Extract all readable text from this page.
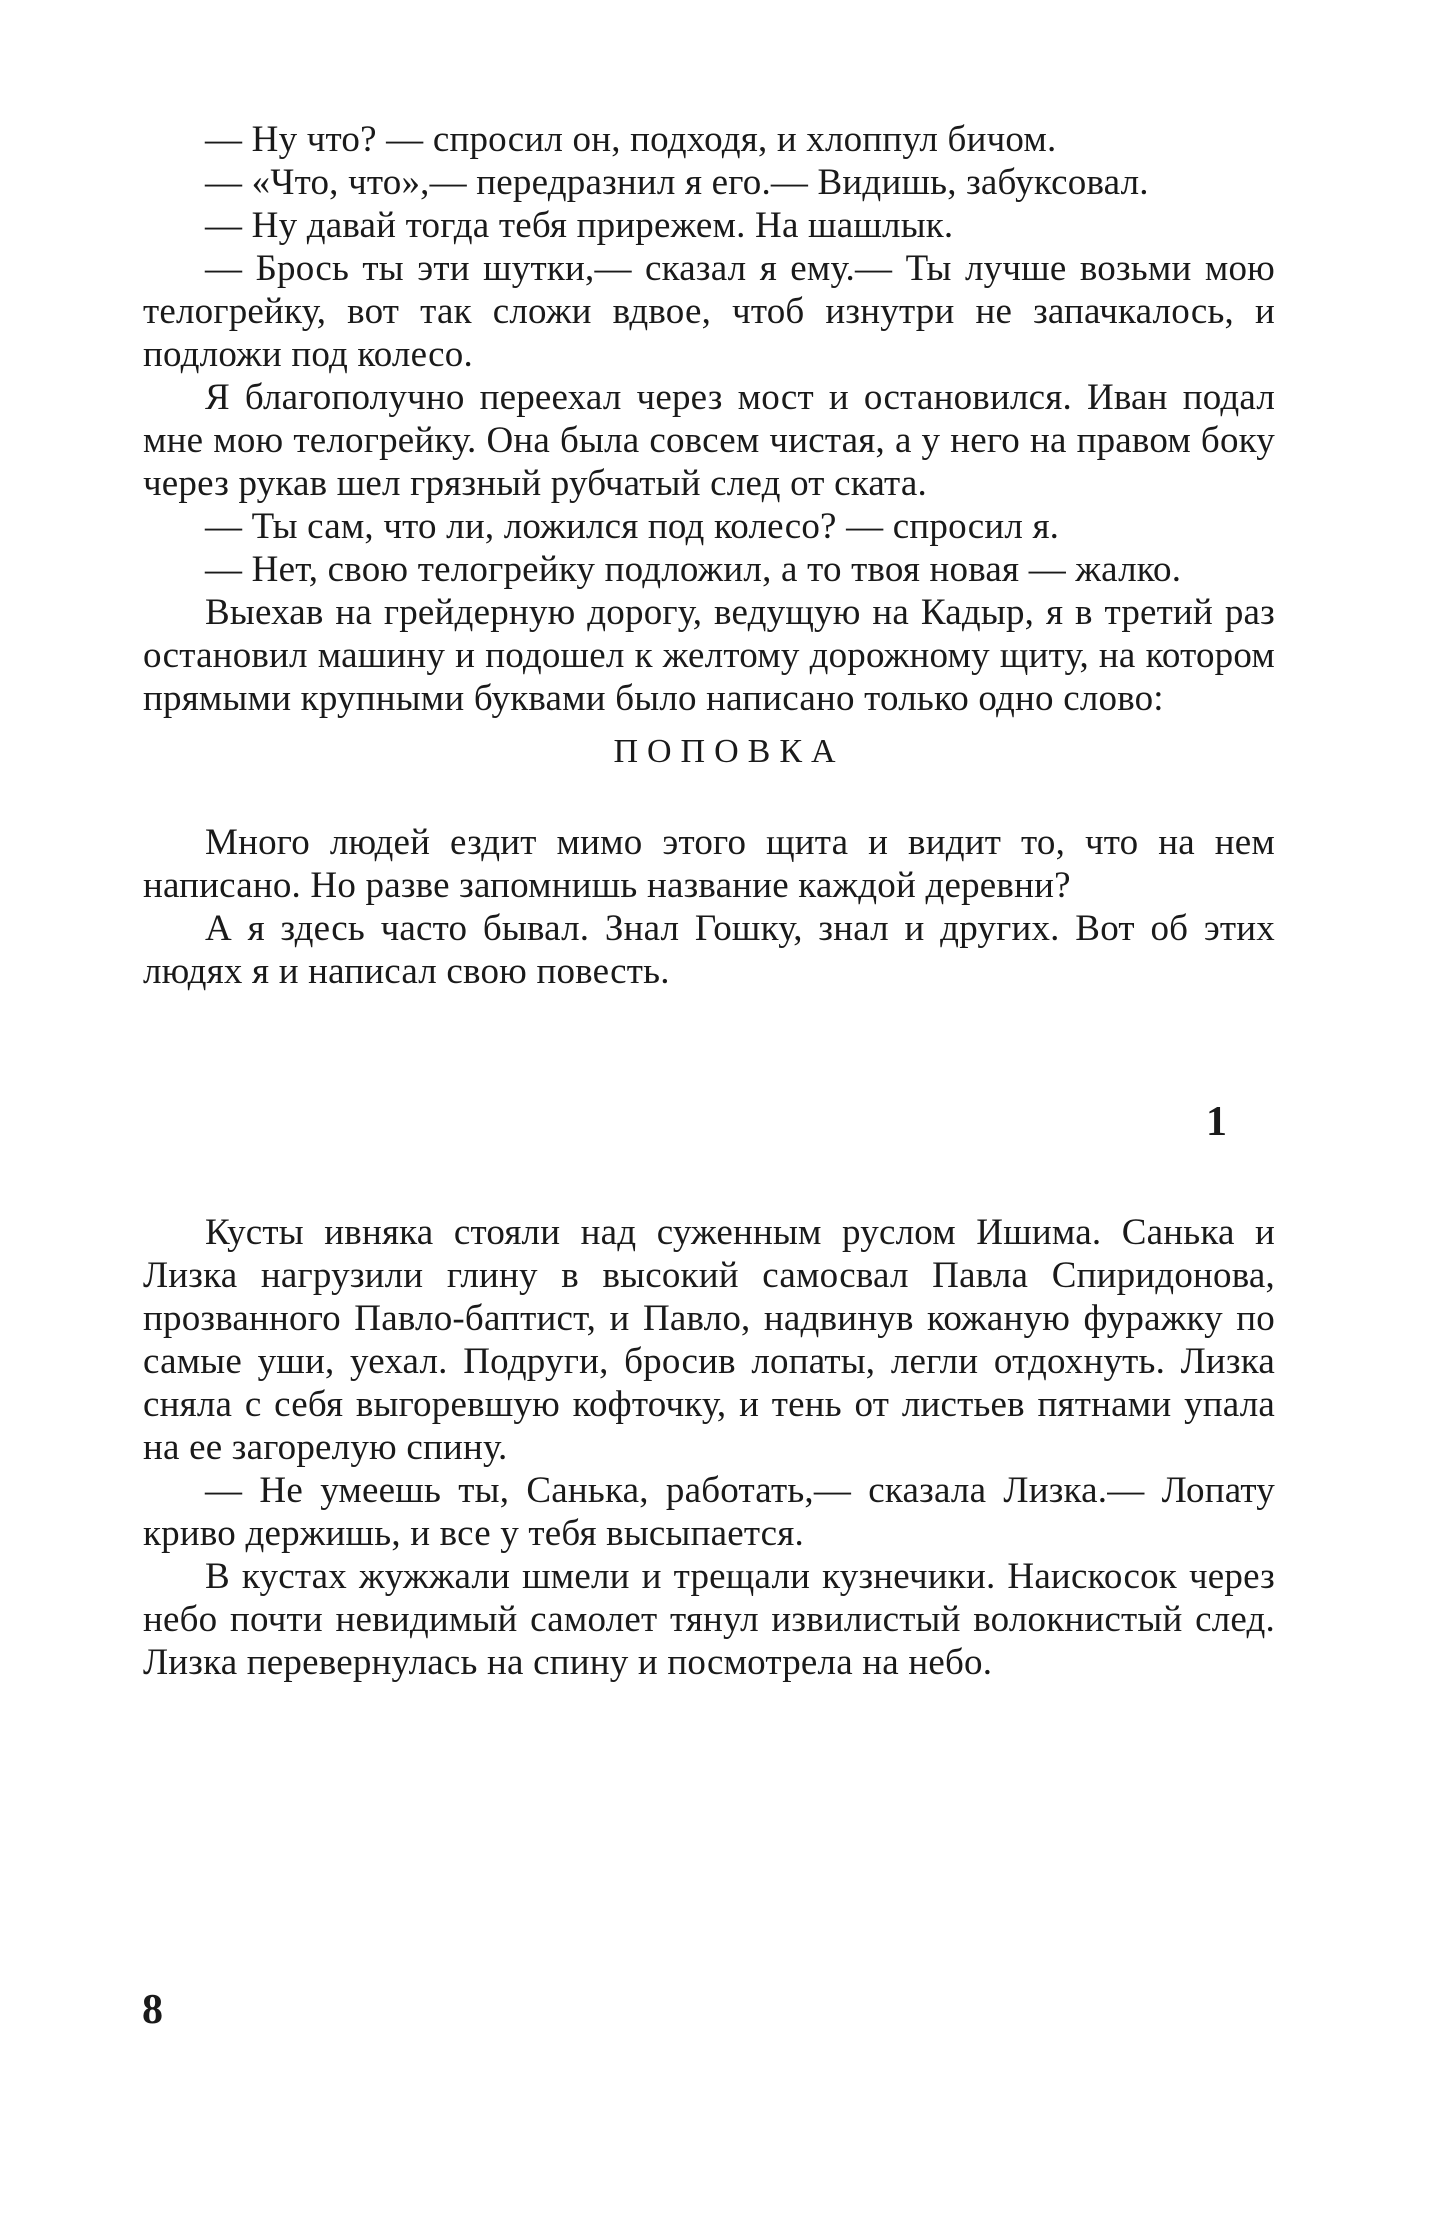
— Ну что? — спросил он, подходя, и хлоппул бичом.

— «Что, что»,— передразнил я его.— Видишь, забуксовал.

— Ну давай тогда тебя прирежем. На шашлык.

— Брось ты эти шутки,— сказал я ему.— Ты лучше возьми мою телогрейку, вот так сложи вдвое, чтоб изнутри не запачкалось, и подложи под колесо.

Я благополучно переехал через мост и остановился. Иван подал мне мою телогрейку. Она была совсем чистая, а у него на правом боку через рукав шел грязный рубчатый след от ската.

— Ты сам, что ли, ложился под колесо? — спросил я.

— Нет, свою телогрейку подложил, а то твоя новая — жалко.

Выехав на грейдерную дорогу, ведущую на Кадыр, я в третий раз остановил машину и подошел к желтому дорожному щиту, на котором прямыми крупными буквами было написано только одно слово:

ПОПОВКА

Много людей ездит мимо этого щита и видит то, что на нем написано. Но разве запомнишь название каждой деревни?

А я здесь часто бывал. Знал Гошку, знал и других. Вот об этих людях я и написал свою повесть.

1

Кусты ивняка стояли над суженным руслом Ишима. Санька и Лизка нагрузили глину в высокий самосвал Павла Спиридонова, прозванного Павло-баптист, и Павло, надвинув кожаную фуражку по самые уши, уехал. Подруги, бросив лопаты, легли отдохнуть. Лизка сняла с себя выгоревшую кофточку, и тень от листьев пятнами упала на ее загорелую спину.

— Не умеешь ты, Санька, работать,— сказала Лизка.— Лопату криво держишь, и все у тебя высыпается.

В кустах жужжали шмели и трещали кузнечики. Наискосок через небо почти невидимый самолет тянул извилистый волокнистый след. Лизка перевернулась на спину и посмотрела на небо.

8
